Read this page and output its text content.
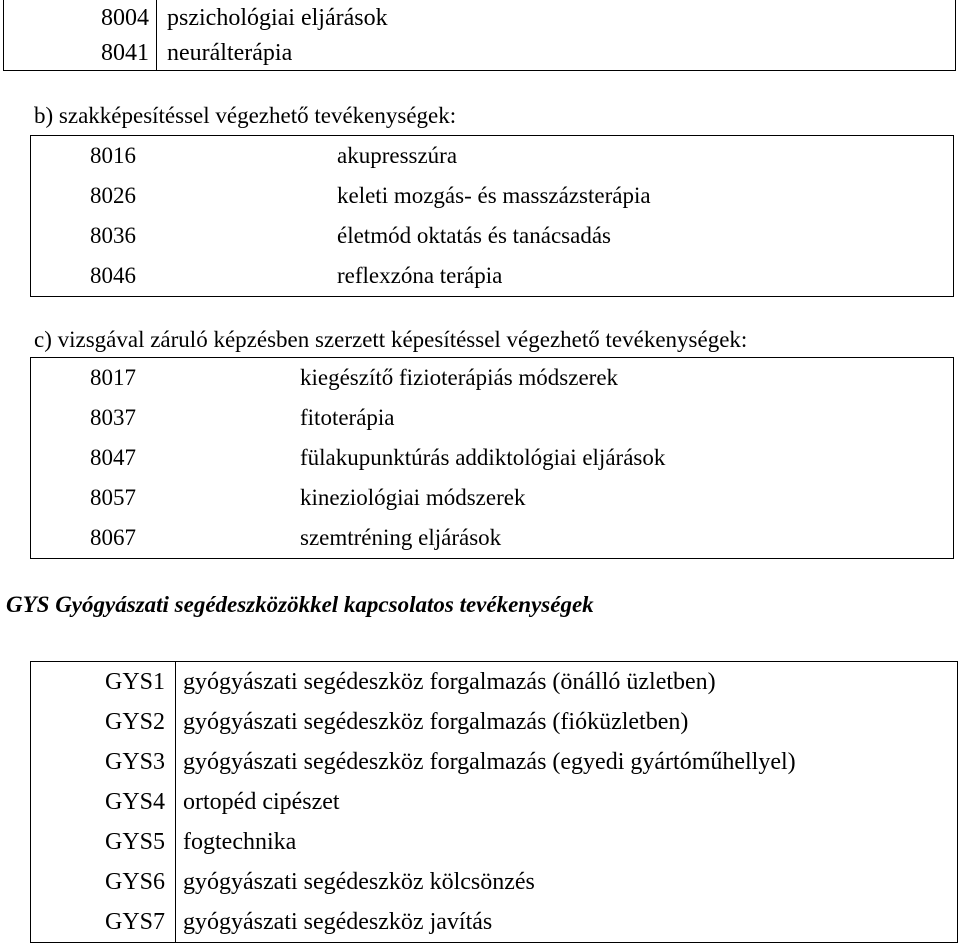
8004	pszichológiai eljárások
8041	neurálterápia
b) szakképesítéssel végezhető tevékenységek:
8016	akupresszúra
8026	keleti mozgás- és masszázsterápia
8036	életmód oktatás és tanácsadás
8046	reflexzóna terápia
c) vizsgával záruló képzésben szerzett képesítéssel végezhető tevékenységek:
8017	kiegészítő fizioterápiás módszerek
8037	fitoterápia
8047	fülakupunktúrás addiktológiai eljárások
8057	kineziológiai módszerek
8067	szemtréning eljárások
GYS Gyógyászati segédeszközökkel kapcsolatos tevékenységek
GYS1	gyógyászati segédeszköz forgalmazás (önálló üzletben)
GYS2	gyógyászati segédeszköz forgalmazás (fióküzletben)
GYS3	gyógyászati segédeszköz forgalmazás (egyedi gyártóműhellyel)
GYS4	ortopéd cipészet
GYS5	fogtechnika
GYS6	gyógyászati segédeszköz kölcsönzés
GYS7	gyógyászati segédeszköz javítás
